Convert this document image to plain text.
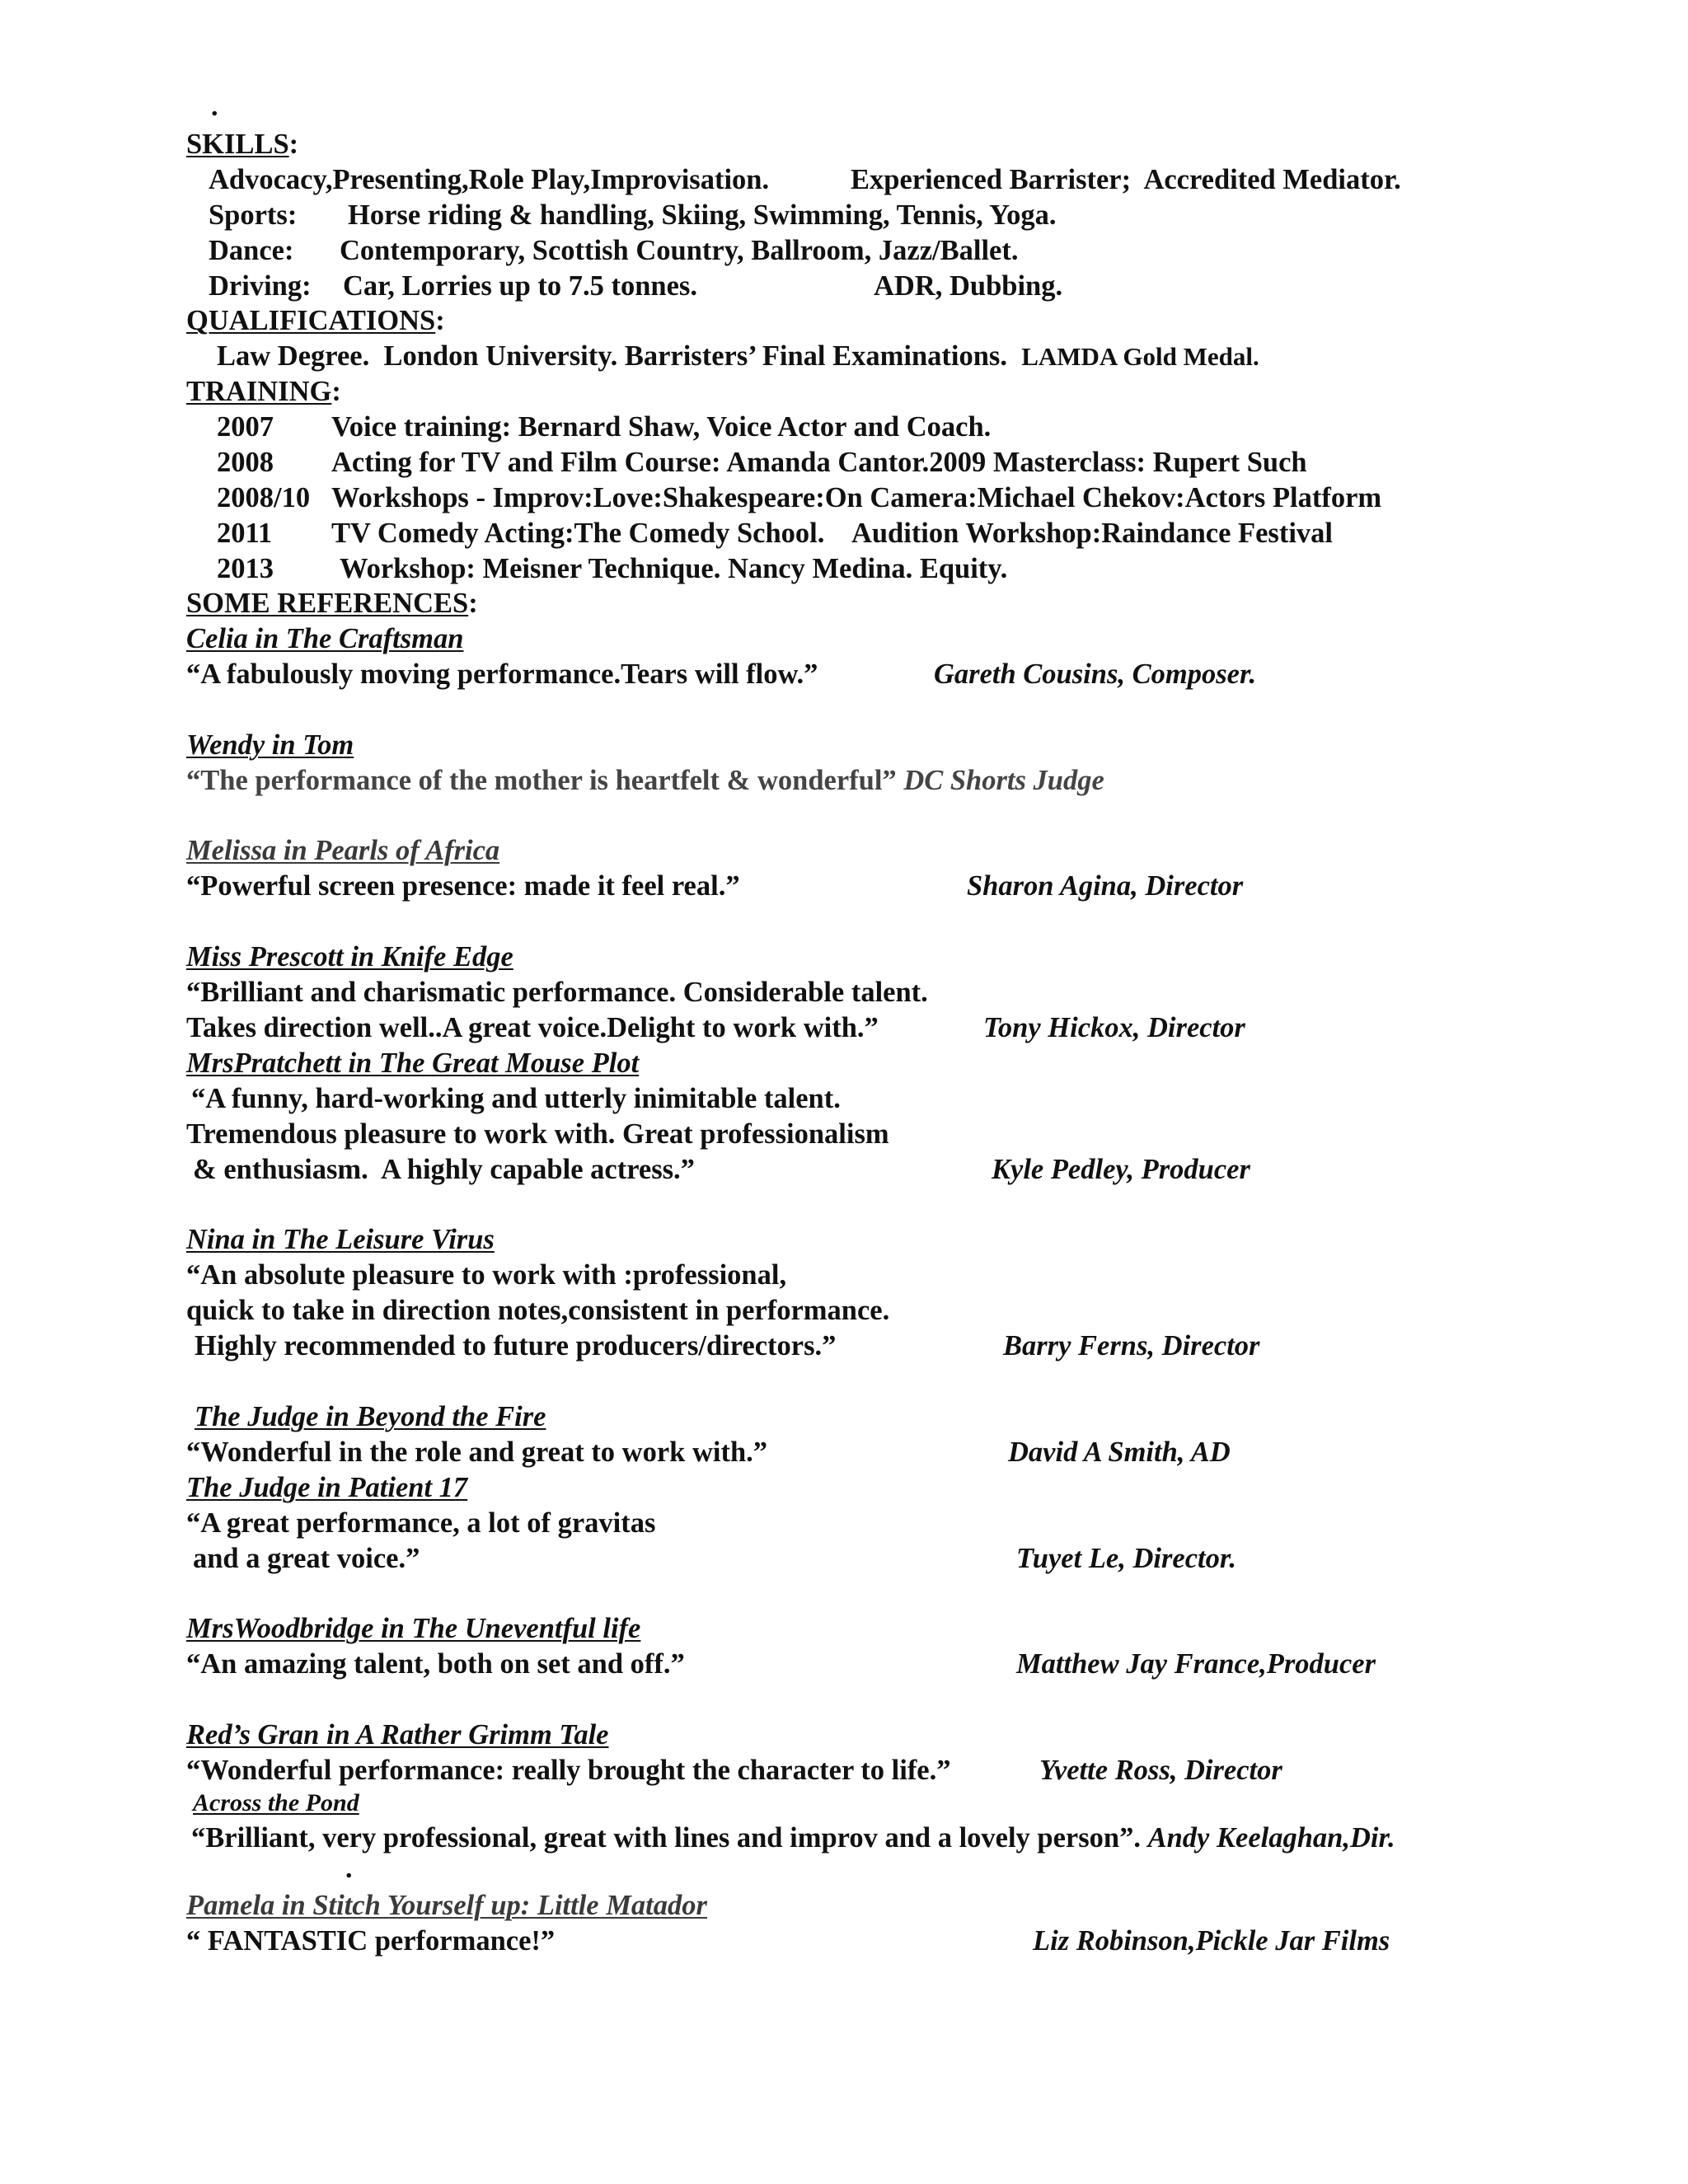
.
SKILLS:
Advocacy,Presenting,Role Play,Improvisation.	Experienced Barrister;  Accredited Mediator.
Sports: Horse riding & handling, Skiing, Swimming, Tennis, Yoga.
Dance: Contemporary, Scottish Country, Ballroom, Jazz/Ballet.
Driving: Car, Lorries up to 7.5 tonnes.	ADR, Dubbing.
QUALIFICATIONS:
Law Degree.  London University. Barristers’ Final Examinations. LAMDA Gold Medal.
TRAINING:
2007 Voice training: Bernard Shaw, Voice Actor and Coach.
2008 Acting for TV and Film Course: Amanda Cantor.2009 Masterclass: Rupert Such
2008/10 Workshops - Improv:Love:Shakespeare:On Camera:Michael Chekov:Actors Platform
2011 TV Comedy Acting:The Comedy School.    Audition Workshop:Raindance Festival
2013 Workshop: Meisner Technique. Nancy Medina. Equity.
SOME REFERENCES:
Celia in The Craftsman
“A fabulously moving performance.Tears will flow.”	Gareth Cousins, Composer.
Wendy in Tom
“The performance of the mother is heartfelt & wonderful” DC Shorts Judge
Melissa in Pearls of Africa
“Powerful screen presence: made it feel real.”	Sharon Agina, Director
Miss Prescott in Knife Edge
“Brilliant and charismatic performance. Considerable talent.
Takes direction well..A great voice.Delight to work with.”	Tony Hickox, Director
MrsPratchett in The Great Mouse Plot
“A funny, hard-working and utterly inimitable talent.
Tremendous pleasure to work with. Great professionalism
& enthusiasm.  A highly capable actress.”	Kyle Pedley, Producer
Nina in The Leisure Virus
“An absolute pleasure to work with :professional,
quick to take in direction notes,consistent in performance.
Highly recommended to future producers/directors.”	Barry Ferns, Director
The Judge in Beyond the Fire
“Wonderful in the role and great to work with.”	David A Smith, AD
The Judge in Patient 17
“A great performance, a lot of gravitas
and a great voice.”	Tuyet Le, Director.
MrsWoodbridge in The Uneventful life
“An amazing talent, both on set and off.”	Matthew Jay France,Producer
Red’s Gran in A Rather Grimm Tale
“Wonderful performance: really brought the character to life.”	Yvette Ross, Director
Across the Pond
“Brilliant, very professional, great with lines and improv and a lovely person”. Andy Keelaghan,Dir.
.
Pamela in Stitch Yourself up: Little Matador
“ FANTASTIC performance!”	Liz Robinson,Pickle Jar Films
